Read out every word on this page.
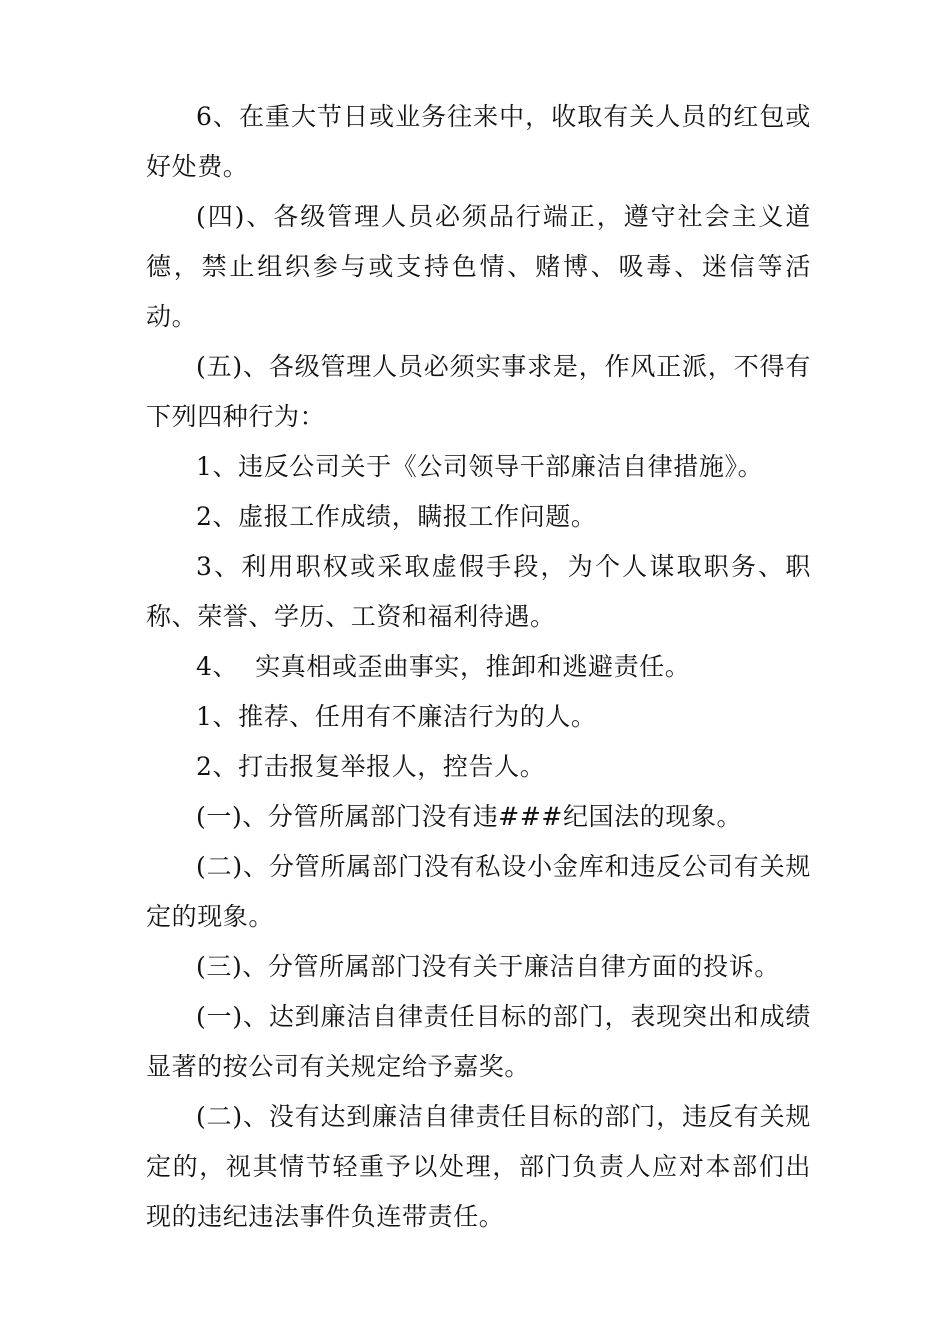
6、在重大节日或业务往来中，收取有关人员的红包或好处费。

(四)、各级管理人员必须品行端正，遵守社会主义道德，禁止组织参与或支持色情、赌博、吸毒、迷信等活动。

(五)、各级管理人员必须实事求是，作风正派，不得有下列四种行为：

1、违反公司关于《公司领导干部廉洁自律措施》。

2、虚报工作成绩，瞒报工作问题。

3、利用职权或采取虚假手段，为个人谋取职务、职称、荣誉、学历、工资和福利待遇。

4、  实真相或歪曲事实，推卸和逃避责任。

1、推荐、任用有不廉洁行为的人。

2、打击报复举报人，控告人。

(一)、分管所属部门没有违###纪国法的现象。

(二)、分管所属部门没有私设小金库和违反公司有关规定的现象。

(三)、分管所属部门没有关于廉洁自律方面的投诉。

(一)、达到廉洁自律责任目标的部门，表现突出和成绩显著的按公司有关规定给予嘉奖。

(二)、没有达到廉洁自律责任目标的部门，违反有关规定的，视其情节轻重予以处理，部门负责人应对本部们出现的违纪违法事件负连带责任。
